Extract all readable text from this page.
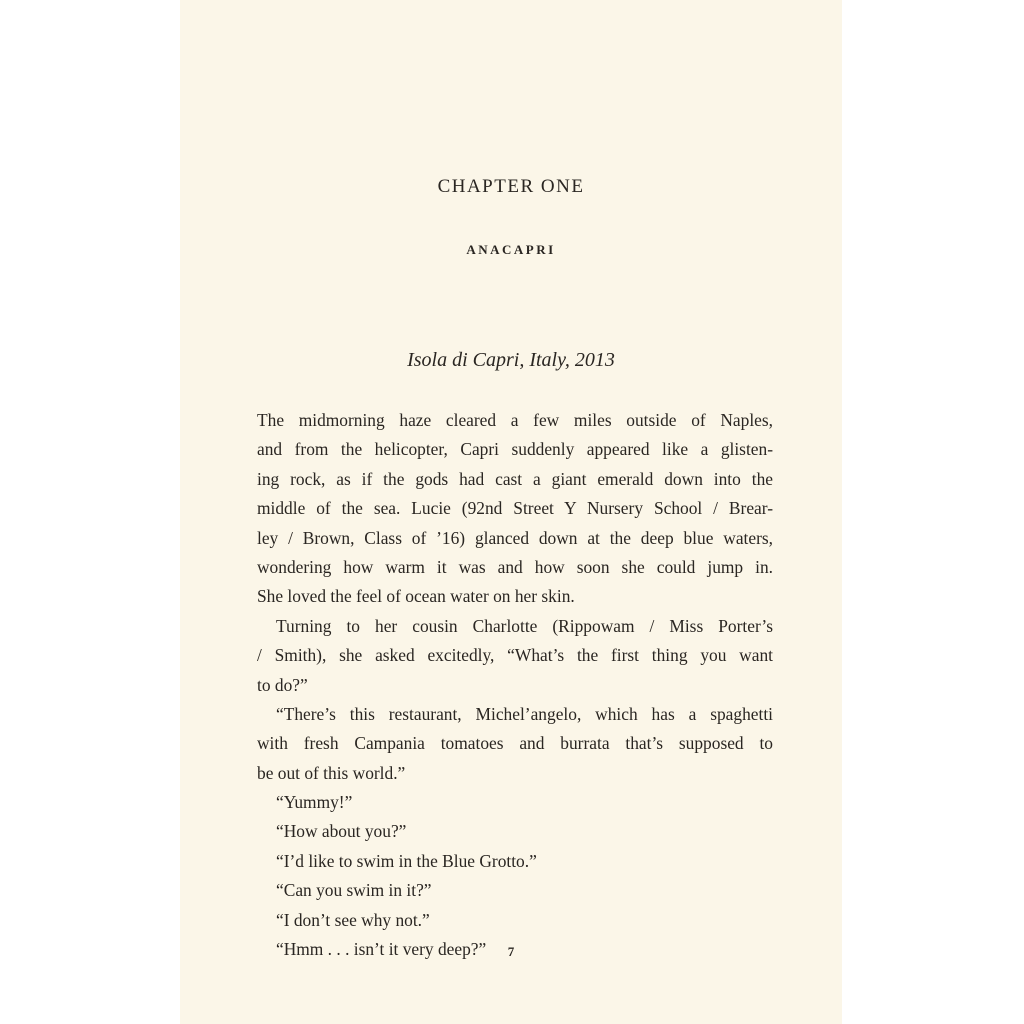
CHAPTER ONE
ANACAPRI
Isola di Capri, Italy, 2013
The midmorning haze cleared a few miles outside of Naples,
and from the helicopter, Capri suddenly appeared like a glisten-
ing rock, as if the gods had cast a giant emerald down into the
middle of the sea. Lucie (92nd Street Y Nursery School / Brear-
ley / Brown, Class of ’16) glanced down at the deep blue waters,
wondering how warm it was and how soon she could jump in.
She loved the feel of ocean water on her skin.
Turning to her cousin Charlotte (Rippowam / Miss Porter’s
/ Smith), she asked excitedly, “What’s the first thing you want
to do?”
“There’s this restaurant, Michel’angelo, which has a spaghetti
with fresh Campania tomatoes and burrata that’s supposed to
be out of this world.”
“Yummy!”
“How about you?”
“I’d like to swim in the Blue Grotto.”
“Can you swim in it?”
“I don’t see why not.”
“Hmm . . . isn’t it very deep?”	7
